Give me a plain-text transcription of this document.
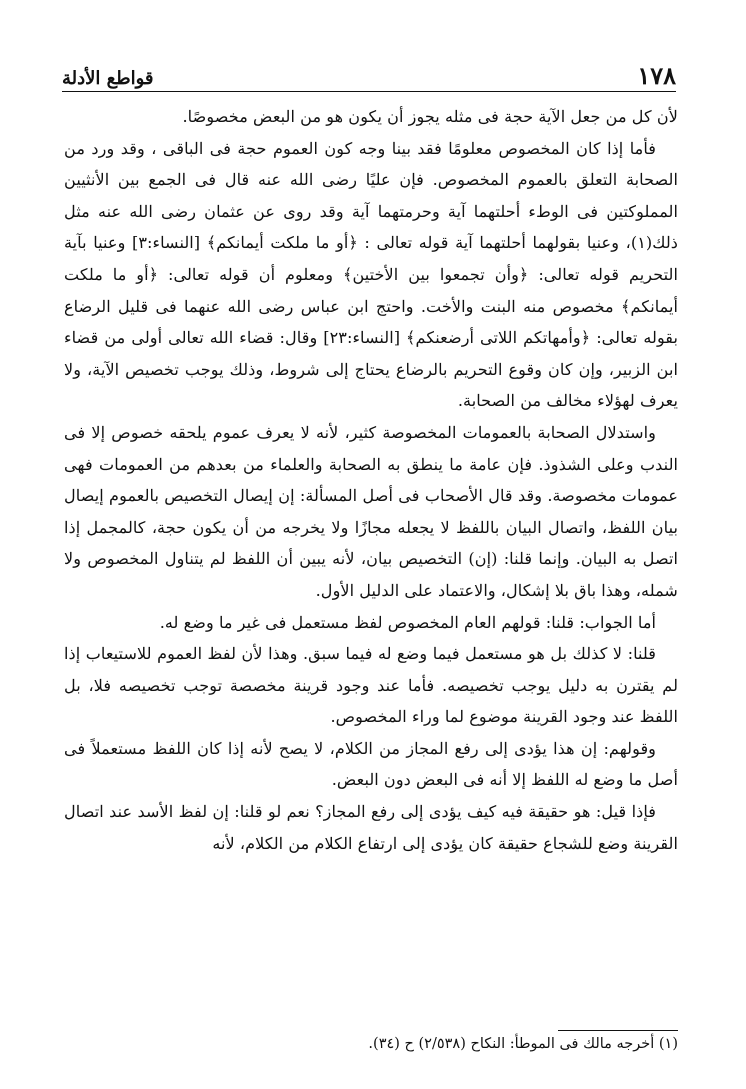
١٧٨
قواطع الأدلة

لأن كل من جعل الآية حجة فى مثله يجوز أن يكون هو من البعض مخصوصًا.

فأما إذا كان المخصوص معلومًا فقد بينا وجه كون العموم حجة فى الباقى ، وقد ورد من الصحابة التعلق بالعموم المخصوص. فإن عليًا رضى الله عنه قال فى الجمع بين الأنثيين المملوكتين فى الوطء أحلتهما آية وحرمتهما آية وقد روى عن عثمان رضى الله عنه مثل ذلك(١)، وعنيا بقولهما أحلتهما آية قوله تعالى : ﴿أو ما ملكت أيمانكم﴾ [النساء:٣] وعنيا بآية التحريم قوله تعالى: ﴿وأن تجمعوا بين الأختين﴾ ومعلوم أن قوله تعالى: ﴿أو ما ملكت أيمانكم﴾ مخصوص منه البنت والأخت. واحتج ابن عباس رضى الله عنهما فى قليل الرضاع بقوله تعالى: ﴿وأمهاتكم اللاتى أرضعنكم﴾ [النساء:٢٣] وقال: قضاء الله تعالى أولى من قضاء ابن الزبير، وإن كان وقوع التحريم بالرضاع يحتاج إلى شروط، وذلك يوجب تخصيص الآية، ولا يعرف لهؤلاء مخالف من الصحابة.

واستدلال الصحابة بالعمومات المخصوصة كثير، لأنه لا يعرف عموم يلحقه خصوص إلا فى الندب وعلى الشذوذ. فإن عامة ما ينطق به الصحابة والعلماء من بعدهم من العمومات فهى عمومات مخصوصة. وقد قال الأصحاب فى أصل المسألة: إن إيصال التخصيص بالعموم إيصال بيان اللفظ، واتصال البيان باللفظ لا يجعله مجازًا ولا يخرجه من أن يكون حجة، كالمجمل إذا اتصل به البيان. وإنما قلنا: (إن) التخصيص بيان، لأنه يبين أن اللفظ لم يتناول المخصوص ولا شمله، وهذا باق بلا إشكال، والاعتماد على الدليل الأول.

أما الجواب: قلنا: قولهم العام المخصوص لفظ مستعمل فى غير ما وضع له.

قلنا: لا كذلك بل هو مستعمل فيما وضع له فيما سبق. وهذا لأن لفظ العموم للاستيعاب إذا لم يقترن به دليل يوجب تخصيصه. فأما عند وجود قرينة مخصصة توجب تخصيصه فلا، بل اللفظ عند وجود القرينة موضوع لما وراء المخصوص.

وقولهم: إن هذا يؤدى إلى رفع المجاز من الكلام، لا يصح لأنه إذا كان اللفظ مستعملاً فى أصل ما وضع له اللفظ إلا أنه فى البعض دون البعض.

فإذا قيل: هو حقيقة فيه كيف يؤدى إلى رفع المجاز؟ نعم لو قلنا: إن لفظ الأسد عند اتصال القرينة وضع للشجاع حقيقة كان يؤدى إلى ارتفاع الكلام من الكلام، لأنه

(١) أخرجه مالك فى الموطأ: النكاح (٢/٥٣٨) ح (٣٤).
